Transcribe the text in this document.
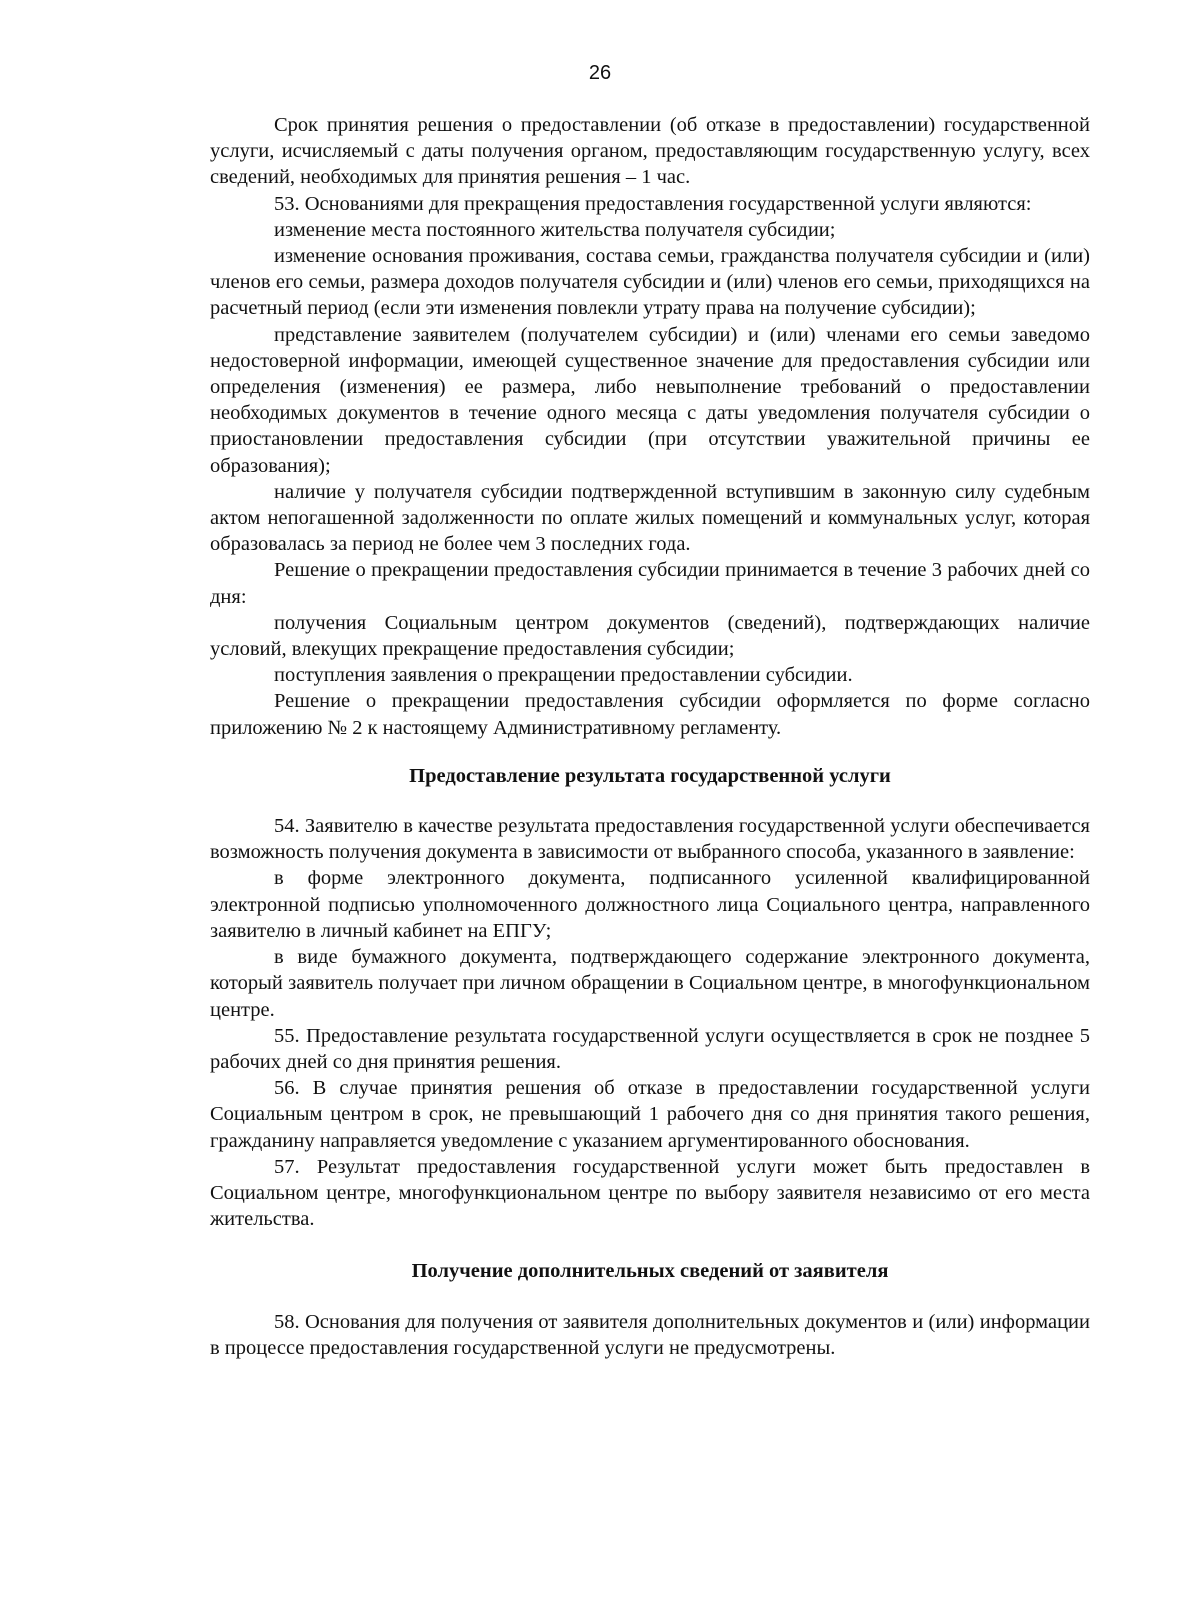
26

Срок принятия решения о предоставлении (об отказе в предоставлении) государственной услуги, исчисляемый с даты получения органом, предоставляющим государственную услугу, всех сведений, необходимых для принятия решения – 1 час.

53. Основаниями для прекращения предоставления государственной услуги являются:

изменение места постоянного жительства получателя субсидии;

изменение основания проживания, состава семьи, гражданства получателя субсидии и (или) членов его семьи, размера доходов получателя субсидии и (или) членов его семьи, приходящихся на расчетный период (если эти изменения повлекли утрату права на получение субсидии);

представление заявителем (получателем субсидии) и (или) членами его семьи заведомо недостоверной информации, имеющей существенное значение для предоставления субсидии или определения (изменения) ее размера, либо невыполнение требований о предоставлении необходимых документов в течение одного месяца с даты уведомления получателя субсидии о приостановлении предоставления субсидии (при отсутствии уважительной причины ее образования);

наличие у получателя субсидии подтвержденной вступившим в законную силу судебным актом непогашенной задолженности по оплате жилых помещений и коммунальных услуг, которая образовалась за период не более чем 3 последних года.

Решение о прекращении предоставления субсидии принимается в течение 3 рабочих дней со дня:

получения Социальным центром документов (сведений), подтверждающих наличие условий, влекущих прекращение предоставления субсидии;

поступления заявления о прекращении предоставлении субсидии.

Решение о прекращении предоставления субсидии оформляется по форме согласно приложению № 2 к настоящему Административному регламенту.

Предоставление результата государственной услуги

54. Заявителю в качестве результата предоставления государственной услуги обеспечивается возможность получения документа в зависимости от выбранного способа, указанного в заявление:

в форме электронного документа, подписанного усиленной квалифицированной электронной подписью уполномоченного должностного лица Социального центра, направленного заявителю в личный кабинет на ЕПГУ;

в виде бумажного документа, подтверждающего содержание электронного документа, который заявитель получает при личном обращении в Социальном центре, в многофункциональном центре.

55. Предоставление результата государственной услуги осуществляется в срок не позднее 5 рабочих дней со дня принятия решения.

56. В случае принятия решения об отказе в предоставлении государственной услуги Социальным центром в срок, не превышающий 1 рабочего дня со дня принятия такого решения, гражданину направляется уведомление с указанием аргументированного обоснования.

57. Результат предоставления государственной услуги может быть предоставлен в Социальном центре, многофункциональном центре по выбору заявителя независимо от его места жительства.

Получение дополнительных сведений от заявителя

58. Основания для получения от заявителя дополнительных документов и (или) информации в процессе предоставления государственной услуги не предусмотрены.
